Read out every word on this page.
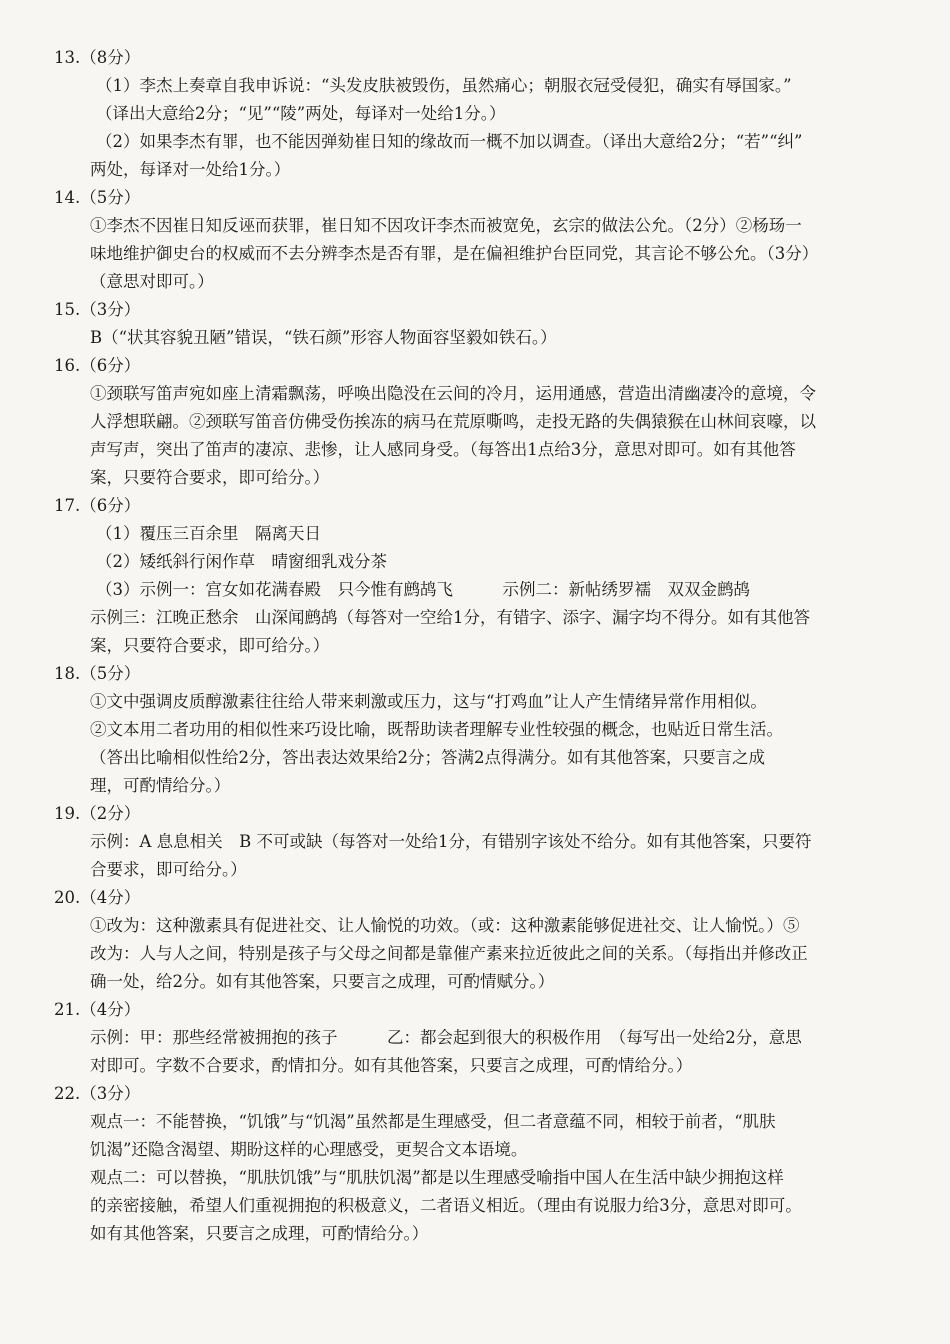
13.（8分）
（1）李杰上奏章自我申诉说：“头发皮肤被毁伤，虽然痛心；朝服衣冠受侵犯，确实有辱国家。”
（译出大意给2分；“见”“陵”两处，每译对一处给1分。）
（2）如果李杰有罪，也不能因弹劾崔日知的缘故而一概不加以调查。（译出大意给2分；“若”“纠”
两处，每译对一处给1分。）
14.（5分）
①李杰不因崔日知反诬而获罪，崔日知不因攻讦李杰而被宽免，玄宗的做法公允。（2分）②杨玚一
味地维护御史台的权威而不去分辨李杰是否有罪，是在偏袒维护台臣同党，其言论不够公允。（3分）
（意思对即可。）
15.（3分）
B（“状其容貌丑陋”错误，“铁石颜”形容人物面容坚毅如铁石。）
16.（6分）
①颈联写笛声宛如座上清霜飘荡，呼唤出隐没在云间的冷月，运用通感，营造出清幽凄冷的意境，令
人浮想联翩。②颈联写笛音仿佛受伤挨冻的病马在荒原嘶鸣，走投无路的失偶猿猴在山林间哀嚎，以
声写声，突出了笛声的凄凉、悲惨，让人感同身受。（每答出1点给3分，意思对即可。如有其他答
案，只要符合要求，即可给分。）
17.（6分）
（1）覆压三百余里　隔离天日
（2）矮纸斜行闲作草　晴窗细乳戏分茶
（3）示例一：宫女如花满春殿　只今惟有鹧鸪飞　　　示例二：新帖绣罗襦　双双金鹧鸪
示例三：江晚正愁余　山深闻鹧鸪（每答对一空给1分，有错字、添字、漏字均不得分。如有其他答
案，只要符合要求，即可给分。）
18.（5分）
①文中强调皮质醇激素往往给人带来刺激或压力，这与“打鸡血”让人产生情绪异常作用相似。
②文本用二者功用的相似性来巧设比喻，既帮助读者理解专业性较强的概念，也贴近日常生活。
（答出比喻相似性给2分，答出表达效果给2分；答满2点得满分。如有其他答案，只要言之成
理，可酌情给分。）
19.（2分）
示例：A 息息相关　B 不可或缺（每答对一处给1分，有错别字该处不给分。如有其他答案，只要符
合要求，即可给分。）
20.（4分）
①改为：这种激素具有促进社交、让人愉悦的功效。（或：这种激素能够促进社交、让人愉悦。）⑤
改为：人与人之间，特别是孩子与父母之间都是靠催产素来拉近彼此之间的关系。（每指出并修改正
确一处，给2分。如有其他答案，只要言之成理，可酌情赋分。）
21.（4分）
示例：甲：那些经常被拥抱的孩子　　　乙：都会起到很大的积极作用　（每写出一处给2分，意思
对即可。字数不合要求，酌情扣分。如有其他答案，只要言之成理，可酌情给分。）
22.（3分）
观点一：不能替换，“饥饿”与“饥渴”虽然都是生理感受，但二者意蕴不同，相较于前者，“肌肤
饥渴”还隐含渴望、期盼这样的心理感受，更契合文本语境。
观点二：可以替换，“肌肤饥饿”与“肌肤饥渴”都是以生理感受喻指中国人在生活中缺少拥抱这样
的亲密接触，希望人们重视拥抱的积极意义，二者语义相近。（理由有说服力给3分，意思对即可。
如有其他答案，只要言之成理，可酌情给分。）
